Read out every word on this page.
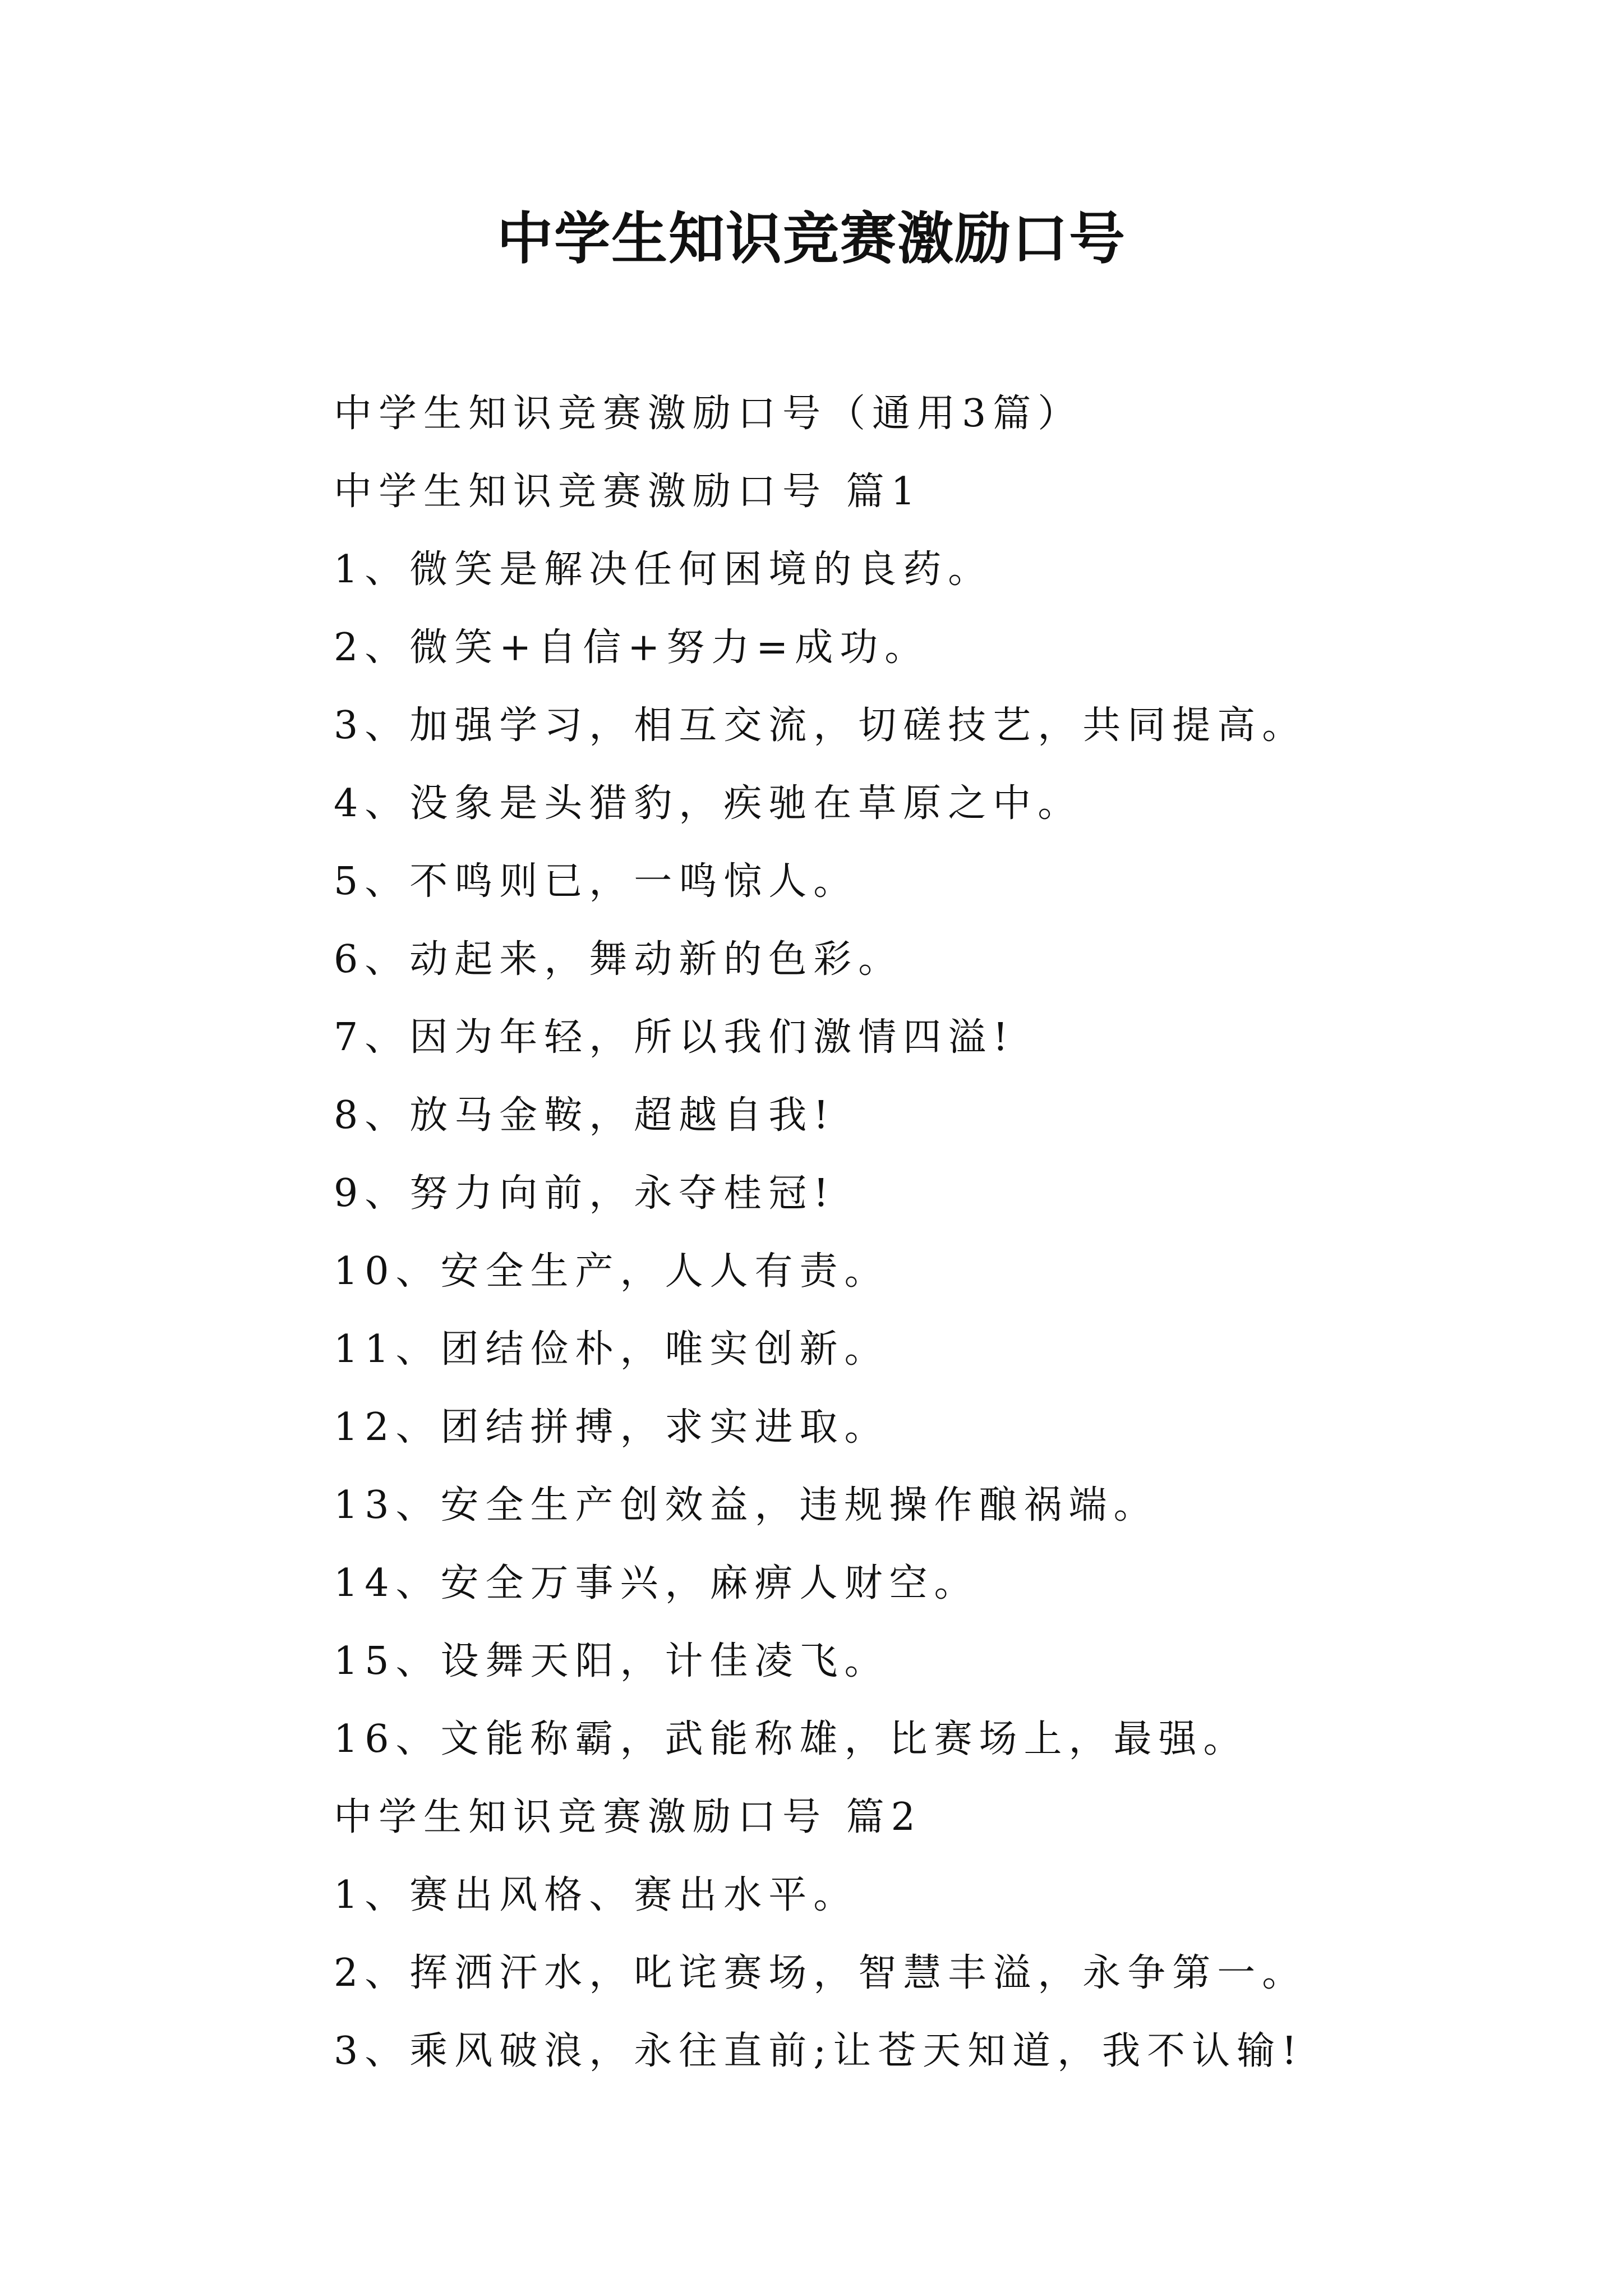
中学生知识竞赛激励口号
中学生知识竞赛激励口号（通用3篇）
中学生知识竞赛激励口号 篇1
1、微笑是解决任何困境的良药。
2、微笑+自信+努力=成功。
3、加强学习，相互交流，切磋技艺，共同提高。
4、没象是头猎豹，疾驰在草原之中。
5、不鸣则已，一鸣惊人。
6、动起来，舞动新的色彩。
7、因为年轻，所以我们激情四溢!
8、放马金鞍，超越自我!
9、努力向前，永夺桂冠!
10、安全生产，人人有责。
11、团结俭朴，唯实创新。
12、团结拼搏，求实进取。
13、安全生产创效益，违规操作酿祸端。
14、安全万事兴，麻痹人财空。
15、设舞天阳，计佳凌飞。
16、文能称霸，武能称雄，比赛场上，最强。
中学生知识竞赛激励口号 篇2
1、赛出风格、赛出水平。
2、挥洒汗水，叱诧赛场，智慧丰溢，永争第一。
3、乘风破浪，永往直前;让苍天知道，我不认输!
